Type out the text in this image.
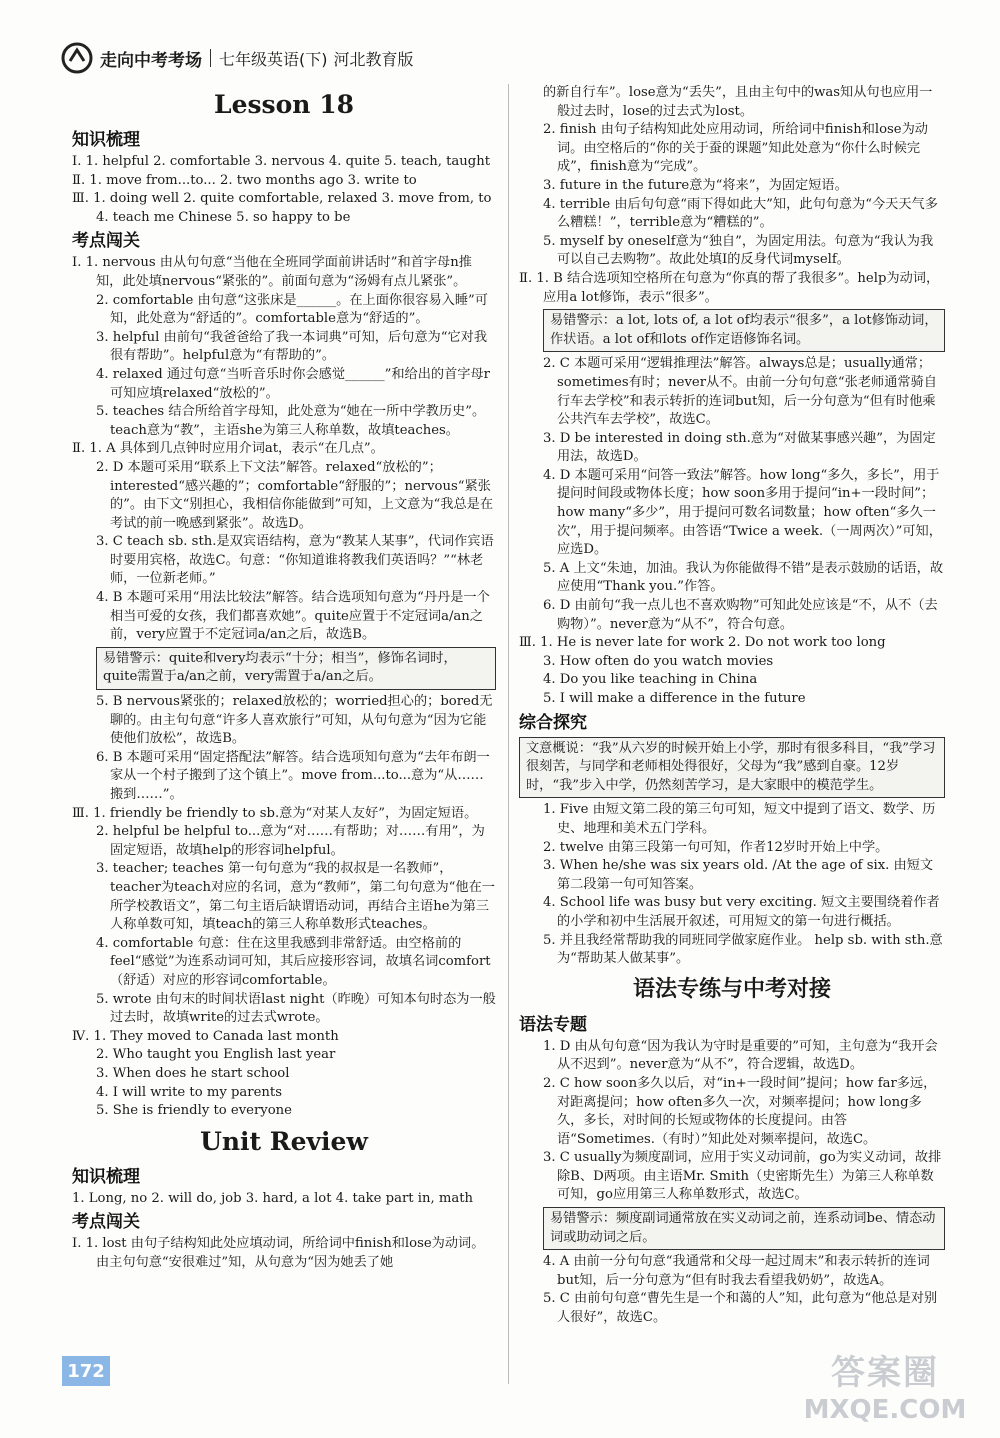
走向中考考场 七年级英语(下) 河北教育版
Lesson 18
知识梳理

Ⅰ. 1. helpful 2. comfortable 3. nervous 4. quite 5. teach, taught

Ⅱ. 1. move from...to... 2. two months ago 3. write to

Ⅲ. 1. doing well 2. quite comfortable, relaxed 3. move from, to

4. teach me Chinese 5. so happy to be

考点闯关

Ⅰ. 1. nervous 由从句句意“当他在全班同学面前讲话时”和首字母n推知，此处填nervous“紧张的”。前面句意为“汤姆有点儿紧张”。

2. comfortable 由句意“这张床是______。在上面你很容易入睡”可知，此处意为“舒适的”。comfortable意为“舒适的”。

3. helpful 由前句“我爸爸给了我一本词典”可知，后句意为“它对我很有帮助”。helpful意为“有帮助的”。

4. relaxed 通过句意“当听音乐时你会感觉______”和给出的首字母r可知应填relaxed“放松的”。

5. teaches 结合所给首字母知，此处意为“她在一所中学教历史”。teach意为“教”，主语she为第三人称单数，故填teaches。

Ⅱ. 1. A 具体到几点钟时应用介词at，表示“在几点”。

2. D 本题可采用“联系上下文法”解答。relaxed“放松的”；interested“感兴趣的”；comfortable“舒服的”；nervous“紧张的”。由下文“别担心，我相信你能做到”可知，上文意为“我总是在考试的前一晚感到紧张”。故选D。

3. C teach sb. sth.是双宾语结构，意为“教某人某事”，代词作宾语时要用宾格，故选C。句意：“你知道谁将教我们英语吗？”“林老师，一位新老师。”

4. B 本题可采用“用法比较法”解答。结合选项知句意为“丹丹是一个相当可爱的女孩，我们都喜欢她”。quite应置于不定冠词a/an之前，very应置于不定冠词a/an之后，故选B。

易错警示：quite和very均表示“十分；相当”，修饰名词时，quite需置于a/an之前，very需置于a/an之后。

5. B nervous紧张的；relaxed放松的；worried担心的；bored无聊的。由主句句意“许多人喜欢旅行”可知，从句句意为“因为它能使他们放松”，故选B。

6. B 本题可采用“固定搭配法”解答。结合选项知句意为“去年布朗一家从一个村子搬到了这个镇上”。move from...to...意为“从……搬到……”。

Ⅲ. 1. friendly be friendly to sb.意为“对某人友好”，为固定短语。

2. helpful be helpful to...意为“对……有帮助；对……有用”，为固定短语，故填help的形容词helpful。

3. teacher; teaches 第一句句意为“我的叔叔是一名教师”，teacher为teach对应的名词，意为“教师”，第二句句意为“他在一所学校教语文”，第二句主语后缺谓语动词，再结合主语he为第三人称单数可知，填teach的第三人称单数形式teaches。

4. comfortable 句意：住在这里我感到非常舒适。由空格前的feel“感觉”为连系动词可知，其后应接形容词，故填名词comfort（舒适）对应的形容词comfortable。

5. wrote 由句末的时间状语last night（昨晚）可知本句时态为一般过去时，故填write的过去式wrote。

Ⅳ. 1. They moved to Canada last month

2. Who taught you English last year

3. When does he start school

4. I will write to my parents

5. She is friendly to everyone

Unit Review
知识梳理

1. Long, no 2. will do, job 3. hard, a lot 4. take part in, math

考点闯关

Ⅰ. 1. lost 由句子结构知此处应填动词，所给词中finish和lose为动词。由主句句意“安很难过”知，从句意为“因为她丢了她

的新自行车”。lose意为“丢失”，且由主句中的was知从句也应用一般过去时，lose的过去式为lost。

2. finish 由句子结构知此处应用动词，所给词中finish和lose为动词。由空格后的“你的关于蚕的课题”知此处意为“你什么时候完成”，finish意为“完成”。

3. future in the future意为“将来”，为固定短语。

4. terrible 由后句句意“雨下得如此大”知，此句句意为“今天天气多么糟糕！”，terrible意为“糟糕的”。

5. myself by oneself意为“独自”，为固定用法。句意为“我认为我可以自己去购物”。故此处填I的反身代词myself。

Ⅱ. 1. B 结合选项知空格所在句意为“你真的帮了我很多”。help为动词，应用a lot修饰，表示“很多”。

易错警示：a lot, lots of, a lot of均表示“很多”，a lot修饰动词，作状语。a lot of和lots of作定语修饰名词。

2. C 本题可采用“逻辑推理法”解答。always总是；usually通常；sometimes有时；never从不。由前一分句句意“张老师通常骑自行车去学校”和表示转折的连词but知，后一分句意为“但有时他乘公共汽车去学校”，故选C。

3. D be interested in doing sth.意为“对做某事感兴趣”，为固定用法，故选D。

4. D 本题可采用“问答一致法”解答。how long“多久，多长”，用于提问时间段或物体长度；how soon多用于提问“in+一段时间”；how many“多少”，用于提问可数名词数量；how often“多久一次”，用于提问频率。由答语“Twice a week.（一周两次）”可知，应选D。

5. A 上文“朱迪，加油。我认为你能做得不错”是表示鼓励的话语，故应使用“Thank you.”作答。

6. D 由前句“我一点儿也不喜欢购物”可知此处应该是“不，从不（去购物）”。never意为“从不”，符合句意。

Ⅲ. 1. He is never late for work 2. Do not work too long

3. How often do you watch movies

4. Do you like teaching in China

5. I will make a difference in the future

综合探究
文意概说：“我”从六岁的时候开始上小学，那时有很多科目，“我”学习很刻苦，与同学和老师相处得很好，父母为“我”感到自豪。12岁时，“我”步入中学，仍然刻苦学习，是大家眼中的模范学生。

1. Five 由短文第二段的第三句可知，短文中提到了语文、数学、历史、地理和美术五门学科。

2. twelve 由第三段第一句可知，作者12岁时开始上中学。

3. When he/she was six years old. /At the age of six. 由短文第二段第一句可知答案。

4. School life was busy but very exciting. 短文主要围绕着作者的小学和初中生活展开叙述，可用短文的第一句进行概括。

5. 并且我经常帮助我的同班同学做家庭作业。 help sb. with sth.意为“帮助某人做某事”。

语法专练与中考对接
语法专题

1. D 由从句句意“因为我认为守时是重要的”可知，主句意为“我开会从不迟到”。never意为“从不”，符合逻辑，故选D。

2. C how soon多久以后，对“in+一段时间”提问；how far多远，对距离提问；how often多久一次，对频率提问；how long多久，多长，对时间的长短或物体的长度提问。由答语“Sometimes.（有时）”知此处对频率提问，故选C。

3. C usually为频度副词，应用于实义动词前，go为实义动词，故排除B、D两项。由主语Mr. Smith（史密斯先生）为第三人称单数可知，go应用第三人称单数形式，故选C。

易错警示：频度副词通常放在实义动词之前，连系动词be、情态动词或助动词之后。

4. A 由前一分句句意“我通常和父母一起过周末”和表示转折的连词but知，后一分句意为“但有时我去看望我奶奶”，故选A。

5. C 由前句句意“曹先生是一个和蔼的人”知，此句意为“他总是对别人很好”，故选C。

172	答案圈
MXQE.COM
